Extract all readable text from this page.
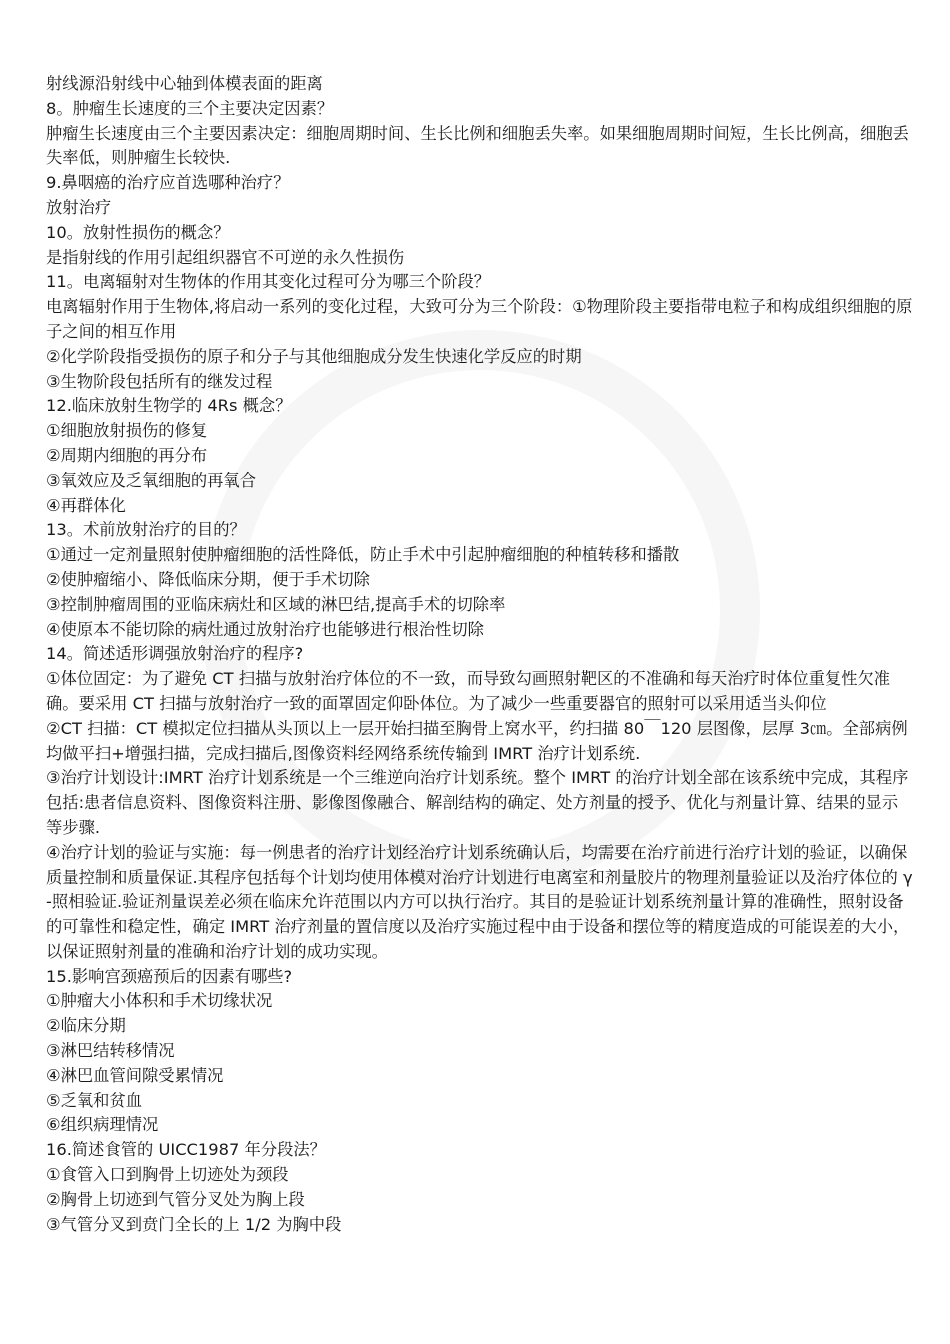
射线源沿射线中心轴到体模表面的距离
8。肿瘤生长速度的三个主要决定因素？
肿瘤生长速度由三个主要因素决定：细胞周期时间、生长比例和细胞丢失率。如果细胞周期时间短，生长比例高，细胞丢失率低，则肿瘤生长较快.
9.鼻咽癌的治疗应首选哪种治疗？
放射治疗
10。放射性损伤的概念？
是指射线的作用引起组织器官不可逆的永久性损伤
11。电离辐射对生物体的作用其变化过程可分为哪三个阶段？
电离辐射作用于生物体,将启动一系列的变化过程，大致可分为三个阶段：①物理阶段主要指带电粒子和构成组织细胞的原子之间的相互作用
②化学阶段指受损伤的原子和分子与其他细胞成分发生快速化学反应的时期
③生物阶段包括所有的继发过程
12.临床放射生物学的 4Rs 概念？
①细胞放射损伤的修复
②周期内细胞的再分布
③氧效应及乏氧细胞的再氧合
④再群体化
13。术前放射治疗的目的？
①通过一定剂量照射使肿瘤细胞的活性降低，防止手术中引起肿瘤细胞的种植转移和播散
②使肿瘤缩小、降低临床分期，便于手术切除
③控制肿瘤周围的亚临床病灶和区域的淋巴结,提高手术的切除率
④使原本不能切除的病灶通过放射治疗也能够进行根治性切除
14。简述适形调强放射治疗的程序?
①体位固定：为了避免 CT 扫描与放射治疗体位的不一致，而导致勾画照射靶区的不准确和每天治疗时体位重复性欠准确。要采用 CT 扫描与放射治疗一致的面罩固定仰卧体位。为了减少一些重要器官的照射可以采用适当头仰位
②CT 扫描：CT 模拟定位扫描从头顶以上一层开始扫描至胸骨上窝水平，约扫描 80￣120 层图像，层厚 3㎝。全部病例均做平扫+增强扫描，完成扫描后,图像资料经网络系统传输到 IMRT 治疗计划系统.
③治疗计划设计:IMRT 治疗计划系统是一个三维逆向治疗计划系统。整个 IMRT 的治疗计划全部在该系统中完成，其程序包括:患者信息资料、图像资料注册、影像图像融合、解剖结构的确定、处方剂量的授予、优化与剂量计算、结果的显示等步骤.
④治疗计划的验证与实施：每一例患者的治疗计划经治疗计划系统确认后，均需要在治疗前进行治疗计划的验证，以确保质量控制和质量保证.其程序包括每个计划均使用体模对治疗计划进行电离室和剂量胶片的物理剂量验证以及治疗体位的 γ-照相验证.验证剂量误差必须在临床允许范围以内方可以执行治疗。其目的是验证计划系统剂量计算的准确性，照射设备的可靠性和稳定性，确定 IMRT 治疗剂量的置信度以及治疗实施过程中由于设备和摆位等的精度造成的可能误差的大小，以保证照射剂量的准确和治疗计划的成功实现。
15.影响宫颈癌预后的因素有哪些?
①肿瘤大小体积和手术切缘状况
②临床分期
③淋巴结转移情况
④淋巴血管间隙受累情况
⑤乏氧和贫血
⑥组织病理情况
16.简述食管的 UICC1987 年分段法？
①食管入口到胸骨上切迹处为颈段
②胸骨上切迹到气管分叉处为胸上段
③气管分叉到贲门全长的上 1/2 为胸中段
